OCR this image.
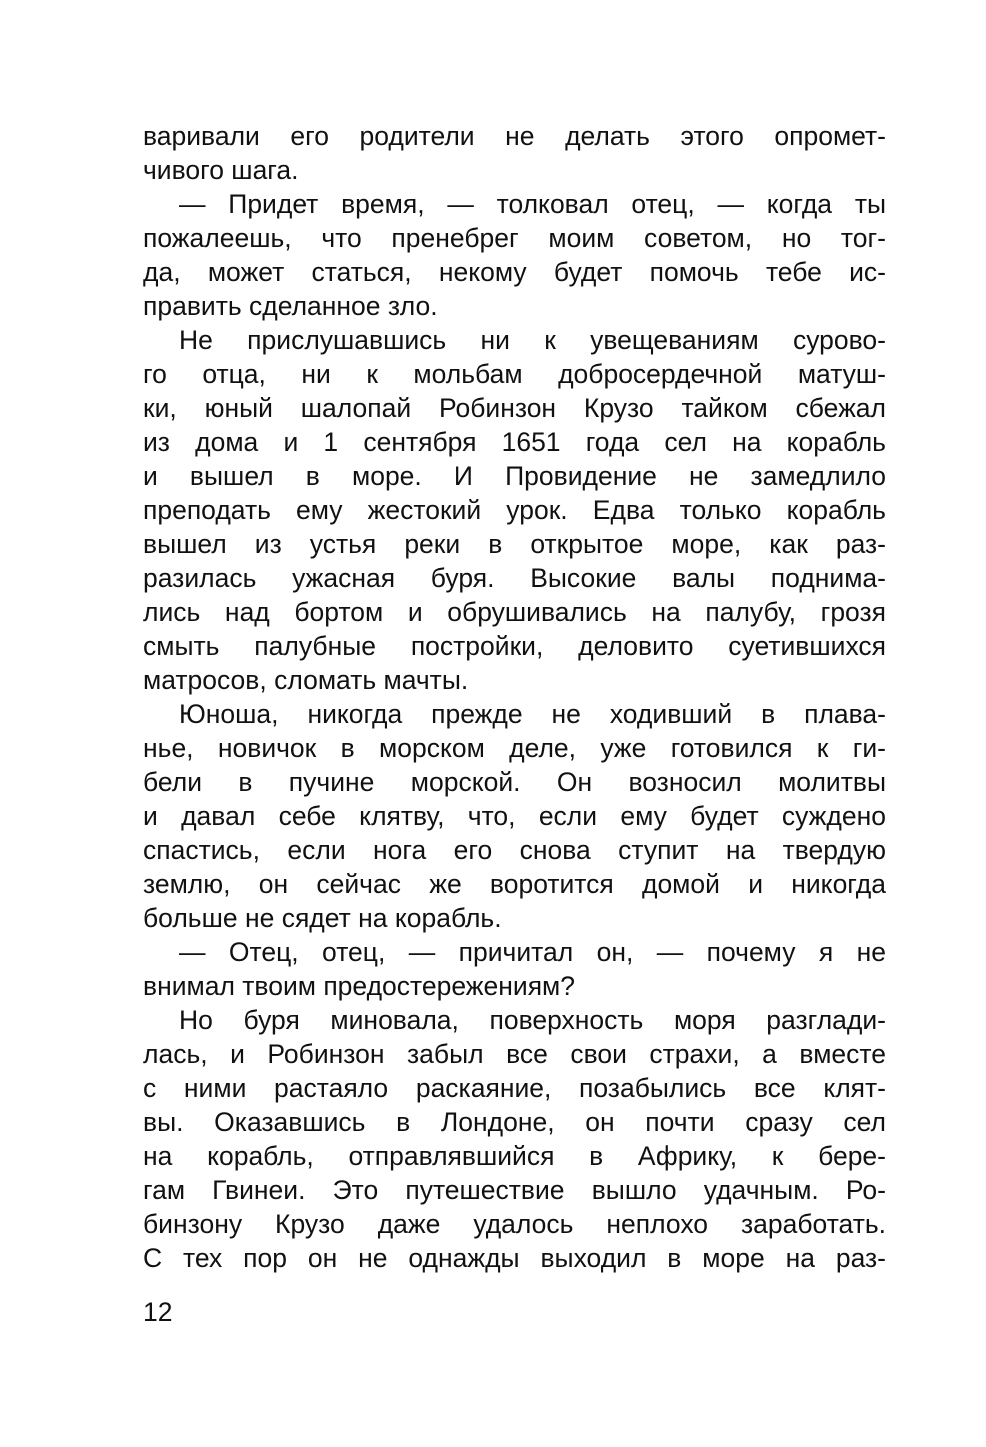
варивали его родители не делать этого опромет-
чивого шага.
— Придет время, — толковал отец, — когда ты
пожалеешь, что пренебрег моим советом, но тог-
да, может статься, некому будет помочь тебе ис-
править сделанное зло.
Не прислушавшись ни к увещеваниям сурово-
го отца, ни к мольбам добросердечной матуш-
ки, юный шалопай Робинзон Крузо тайком сбежал
из дома и 1 сентября 1651 года сел на корабль
и вышел в море. И Провидение не замедлило
преподать ему жестокий урок. Едва только корабль
вышел из устья реки в открытое море, как раз-
разилась ужасная буря. Высокие валы поднима-
лись над бортом и обрушивались на палубу, грозя
смыть палубные постройки, деловито суетившихся
матросов, сломать мачты.
Юноша, никогда прежде не ходивший в плава-
нье, новичок в морском деле, уже готовился к ги-
бели в пучине морской. Он возносил молитвы
и давал себе клятву, что, если ему будет суждено
спастись, если нога его снова ступит на твердую
землю, он сейчас же воротится домой и никогда
больше не сядет на корабль.
— Отец, отец, — причитал он, — почему я не
внимал твоим предостережениям?
Но буря миновала, поверхность моря разглади-
лась, и Робинзон забыл все свои страхи, а вместе
с ними растаяло раскаяние, позабылись все клят-
вы. Оказавшись в Лондоне, он почти сразу сел
на корабль, отправлявшийся в Африку, к бере-
гам Гвинеи. Это путешествие вышло удачным. Ро-
бинзону Крузо даже удалось неплохо заработать.
С тех пор он не однажды выходил в море на раз-
12
